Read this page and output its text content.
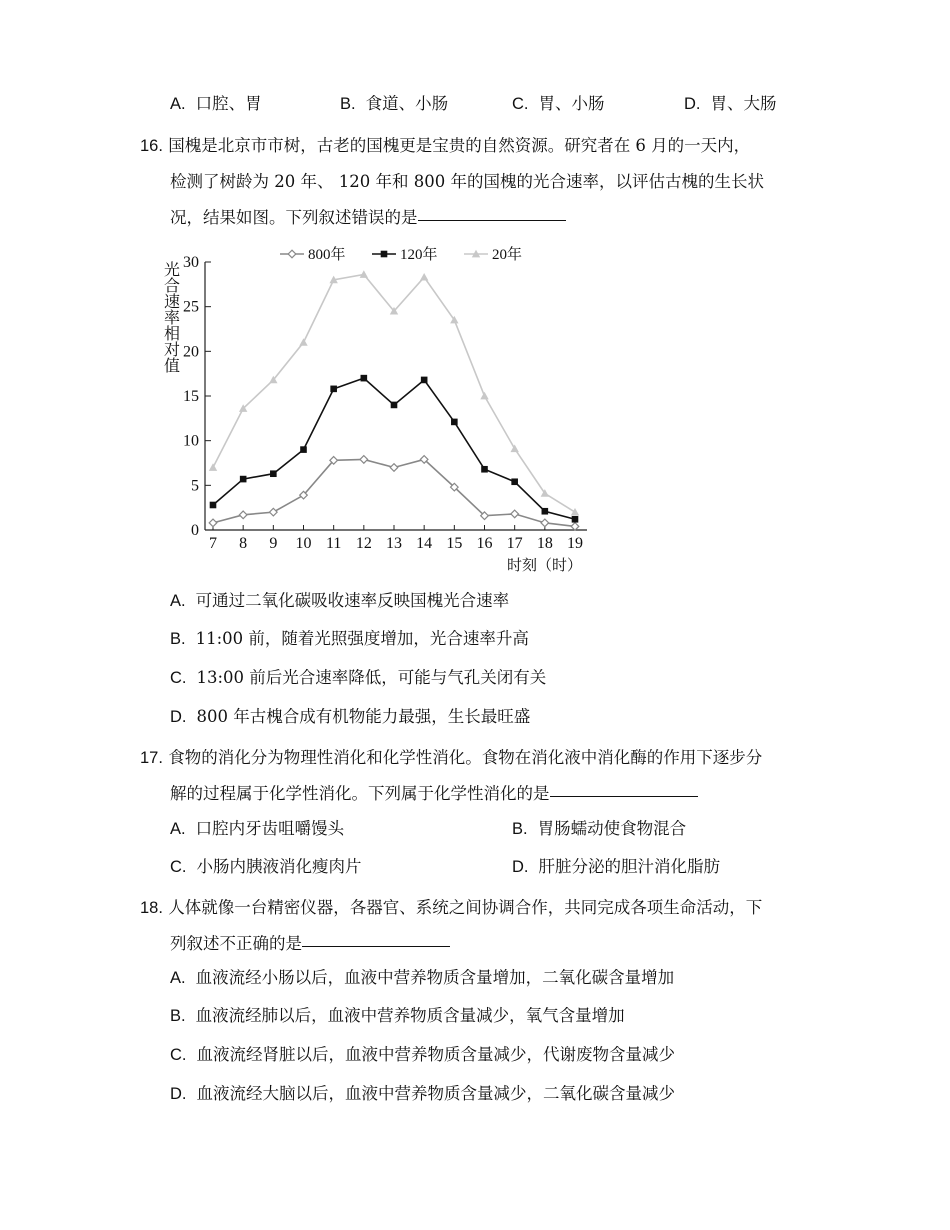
A. 口腔、胃	B. 食道、小肠	C. 胃、小肠	D. 胃、大肠
16. 国槐是北京市市树，古老的国槐更是宝贵的自然资源。研究者在 6 月的一天内，
检测了树龄为 20 年、 120 年和 800 年的国槐的光合速率，以评估古槐的生长状
况，结果如图。下列叙述错误的是
0
5
10
15
20
25
30
7 8 9 10 11 12 13 14 15 16 17 18 19
800年	120年	20年
光合速率相对值
时刻（时）
A. 可通过二氧化碳吸收速率反映国槐光合速率
B. 11:00 前，随着光照强度增加，光合速率升高
C. 13:00 前后光合速率降低，可能与气孔关闭有关
D. 800 年古槐合成有机物能力最强，生长最旺盛
17. 食物的消化分为物理性消化和化学性消化。食物在消化液中消化酶的作用下逐步分
解的过程属于化学性消化。下列属于化学性消化的是
A. 口腔内牙齿咀嚼馒头	B. 胃肠蠕动使食物混合
C. 小肠内胰液消化瘦肉片	D. 肝脏分泌的胆汁消化脂肪
18. 人体就像一台精密仪器，各器官、系统之间协调合作，共同完成各项生命活动，下
列叙述不正确的是
A. 血液流经小肠以后，血液中营养物质含量增加，二氧化碳含量增加
B. 血液流经肺以后，血液中营养物质含量减少，氧气含量增加
C. 血液流经肾脏以后，血液中营养物质含量减少，代谢废物含量减少
D. 血液流经大脑以后，血液中营养物质含量减少，二氧化碳含量减少
